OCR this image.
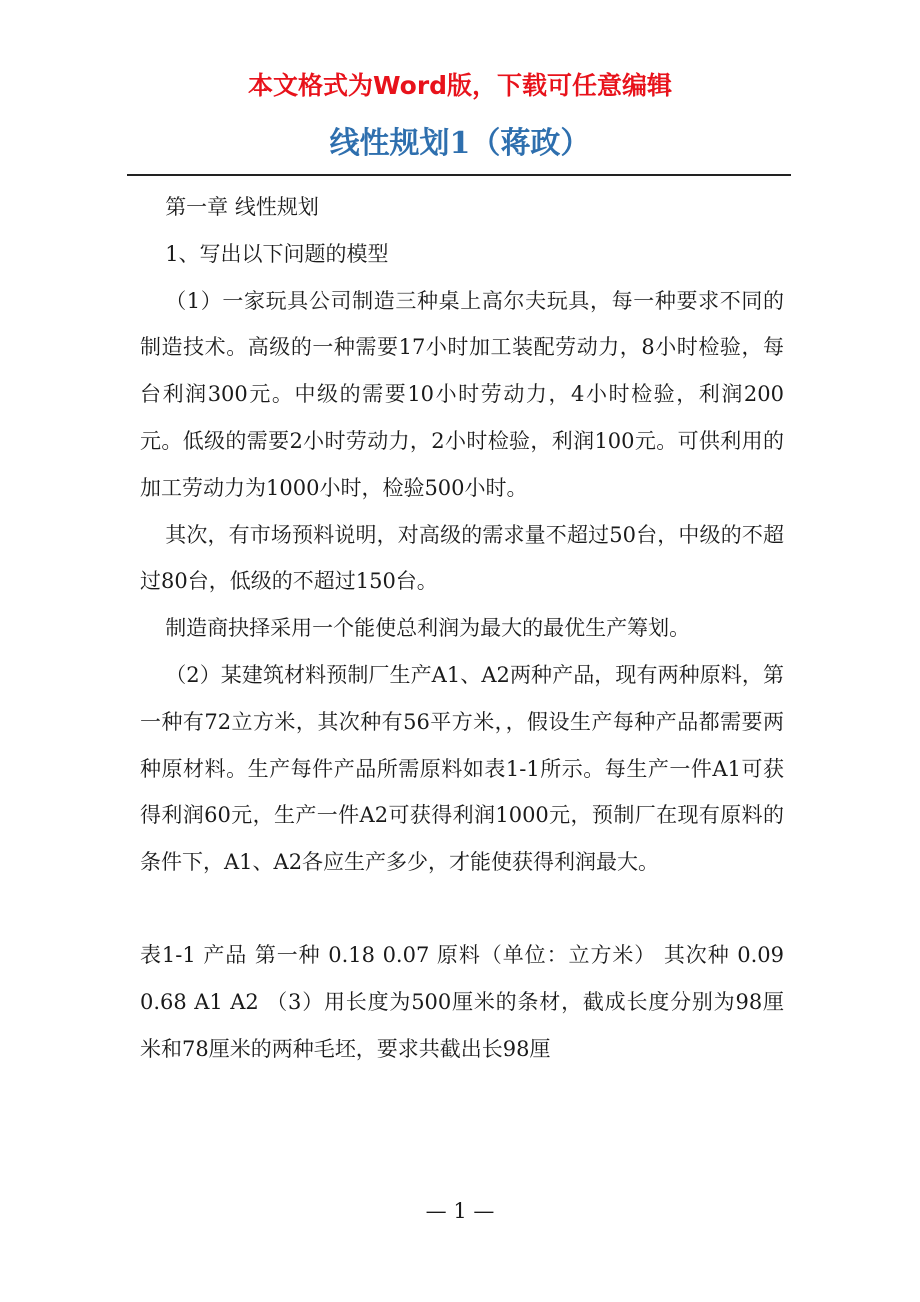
本文格式为Word版，下载可任意编辑
线性规划1（蒋政）

第一章 线性规划

1、写出以下问题的模型

（1）一家玩具公司制造三种桌上高尔夫玩具，每一种要求不同的制造技术。高级的一种需要17小时加工装配劳动力，8小时检验，每台利润300元。中级的需要10小时劳动力，4小时检验，利润200元。低级的需要2小时劳动力，2小时检验，利润100元。可供利用的加工劳动力为1000小时，检验500小时。

其次，有市场预料说明，对高级的需求量不超过50台，中级的不超过80台，低级的不超过150台。

制造商抉择采用一个能使总利润为最大的最优生产筹划。

（2）某建筑材料预制厂生产A1、A2两种产品，现有两种原料，第一种有72立方米，其次种有56平方米，，假设生产每种产品都需要两种原材料。生产每件产品所需原料如表1-1所示。每生产一件A1可获得利润60元，生产一件A2可获得利润1000元，预制厂在现有原料的条件下，A1、A2各应生产多少，才能使获得利润最大。

表1-1 产品 第一种 0.18 0.07 原料（单位：立方米） 其次种 0.09 0.68 A1 A2 （3）用长度为500厘米的条材，截成长度分别为98厘米和78厘米的两种毛坯，要求共截出长98厘

— 1 —
